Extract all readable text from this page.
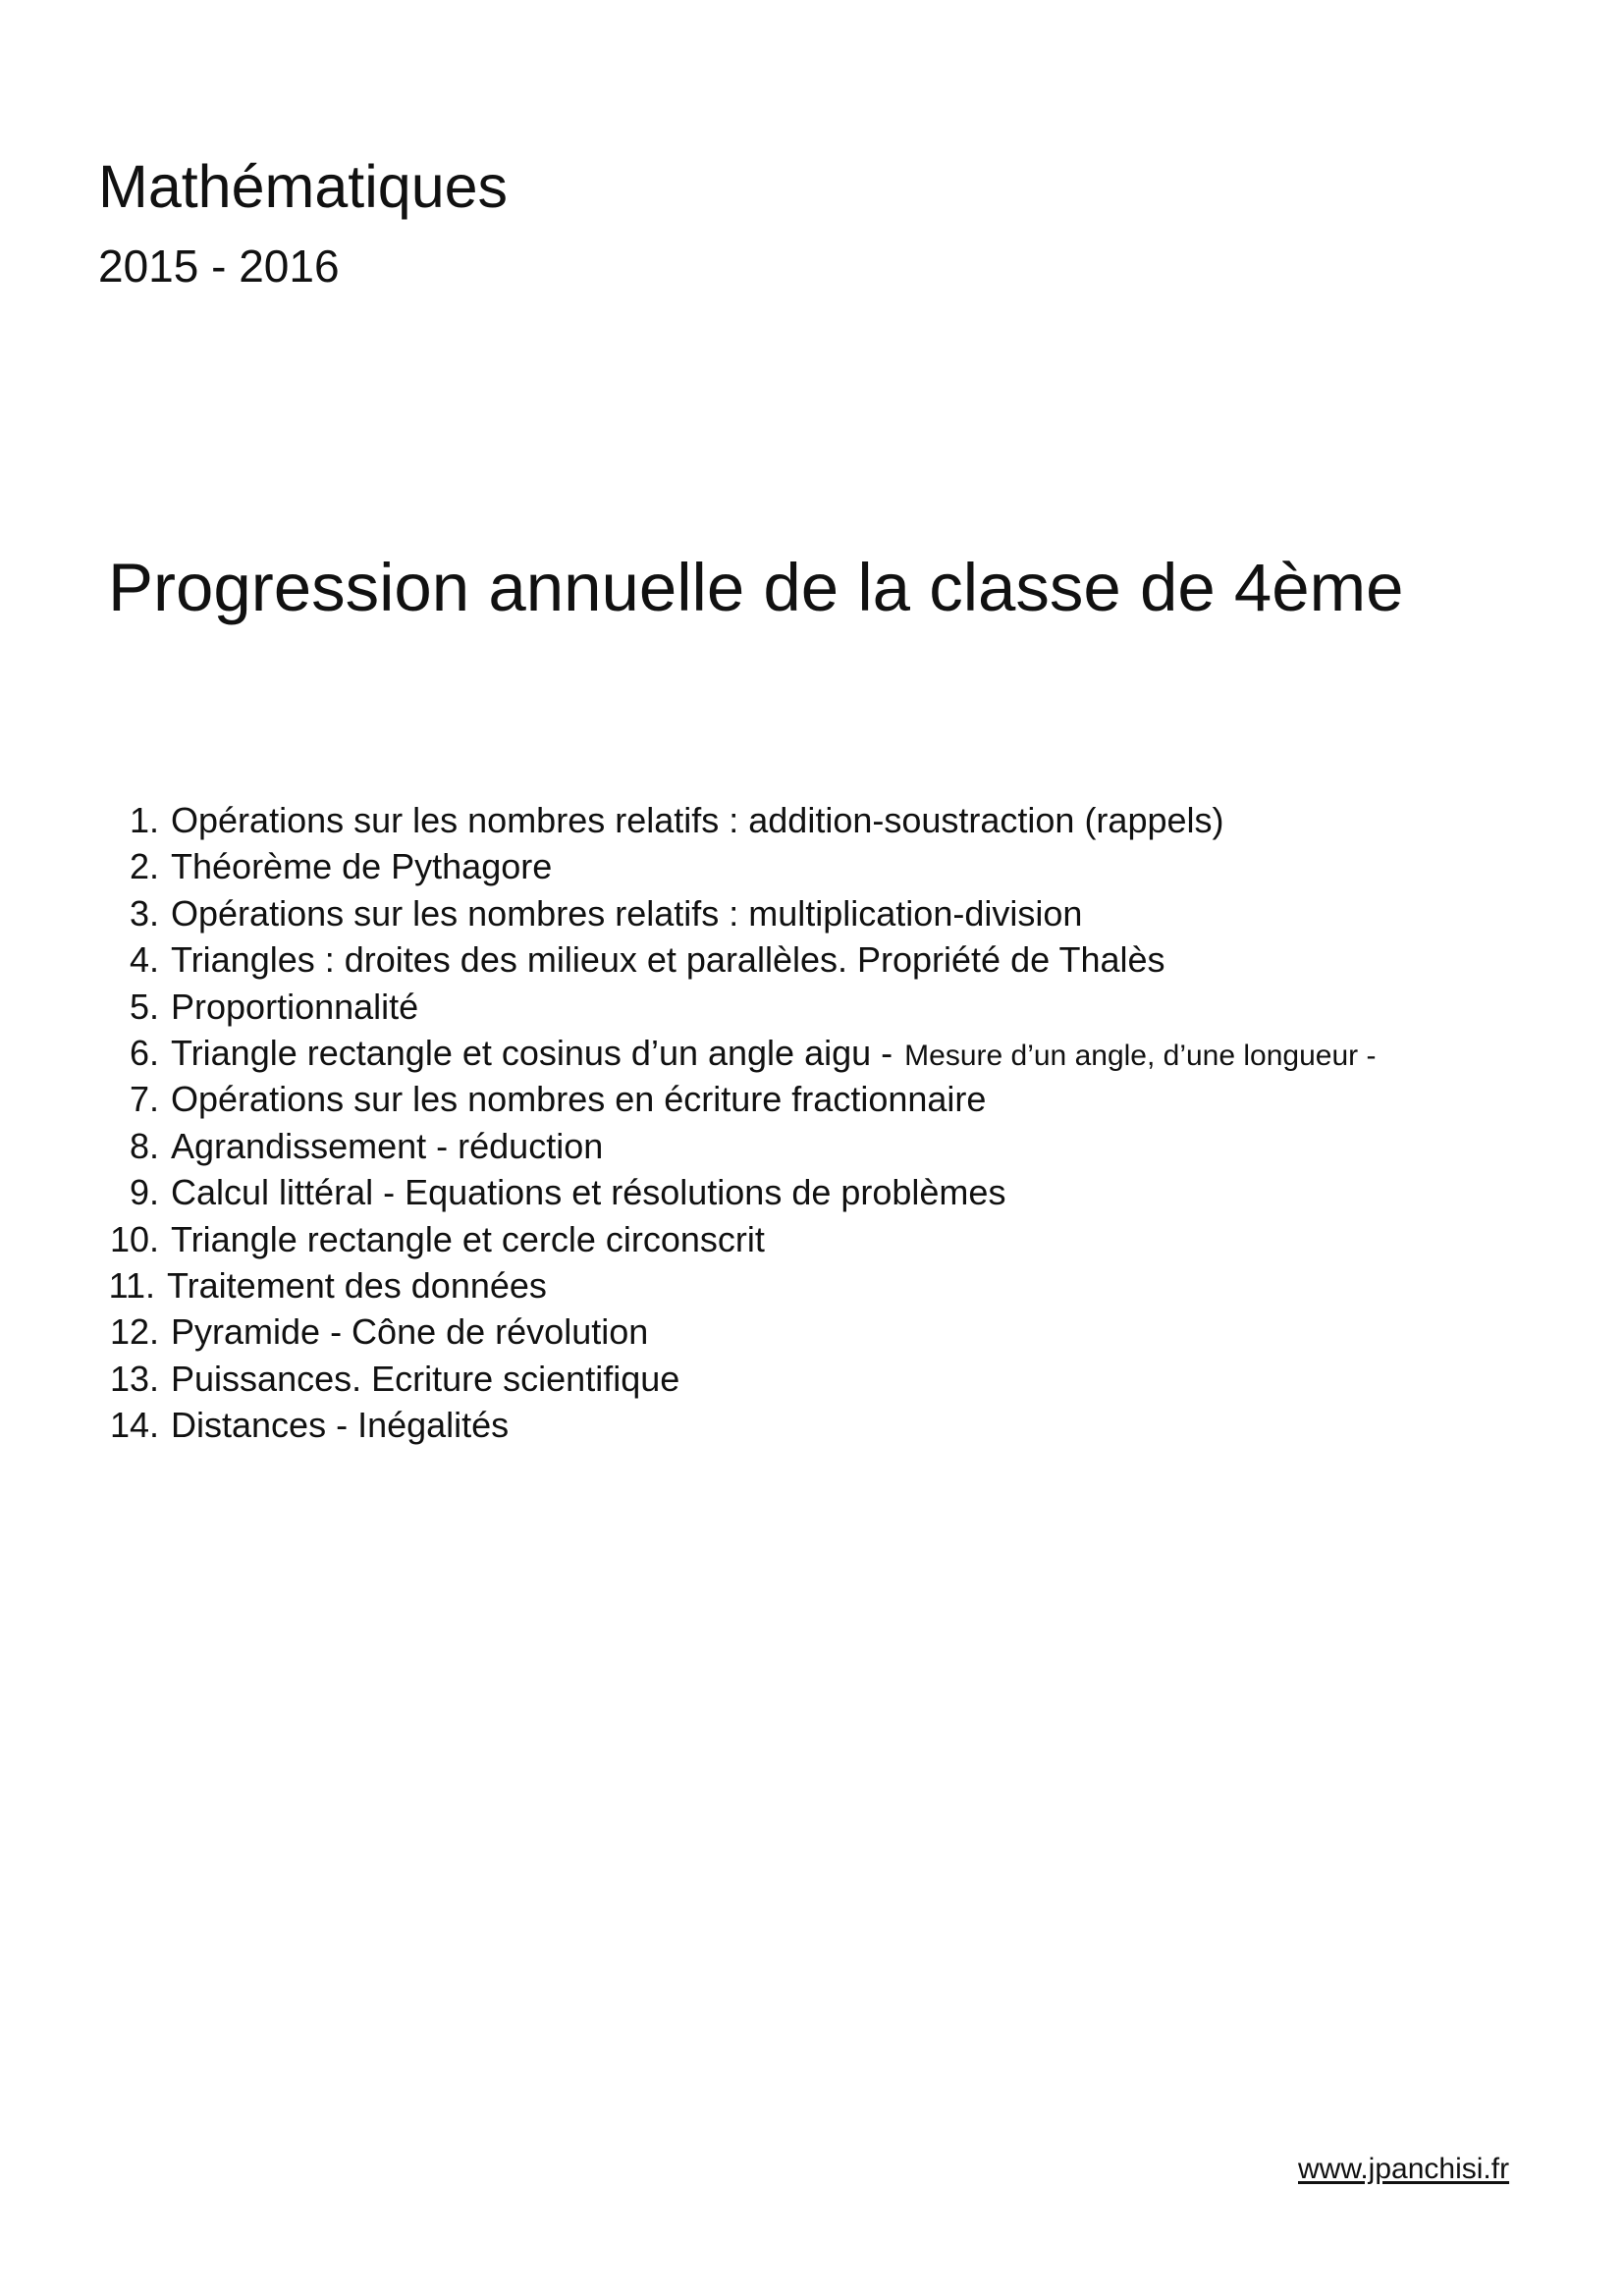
Mathématiques
2015 - 2016
Progression annuelle de la classe de 4ème
1. Opérations sur les nombres relatifs : addition-soustraction (rappels)
2. Théorème de Pythagore
3. Opérations sur les nombres relatifs : multiplication-division
4. Triangles : droites des milieux et parallèles. Propriété de Thalès
5. Proportionnalité
6. Triangle rectangle et cosinus d’un angle aigu - Mesure d’un angle, d’une longueur -
7. Opérations sur les nombres en écriture fractionnaire
8. Agrandissement - réduction
9. Calcul littéral - Equations et résolutions de problèmes
10. Triangle rectangle et cercle circonscrit
11. Traitement des données
12. Pyramide - Cône de révolution
13. Puissances. Ecriture scientifique
14. Distances - Inégalités
www.jpanchisi.fr
